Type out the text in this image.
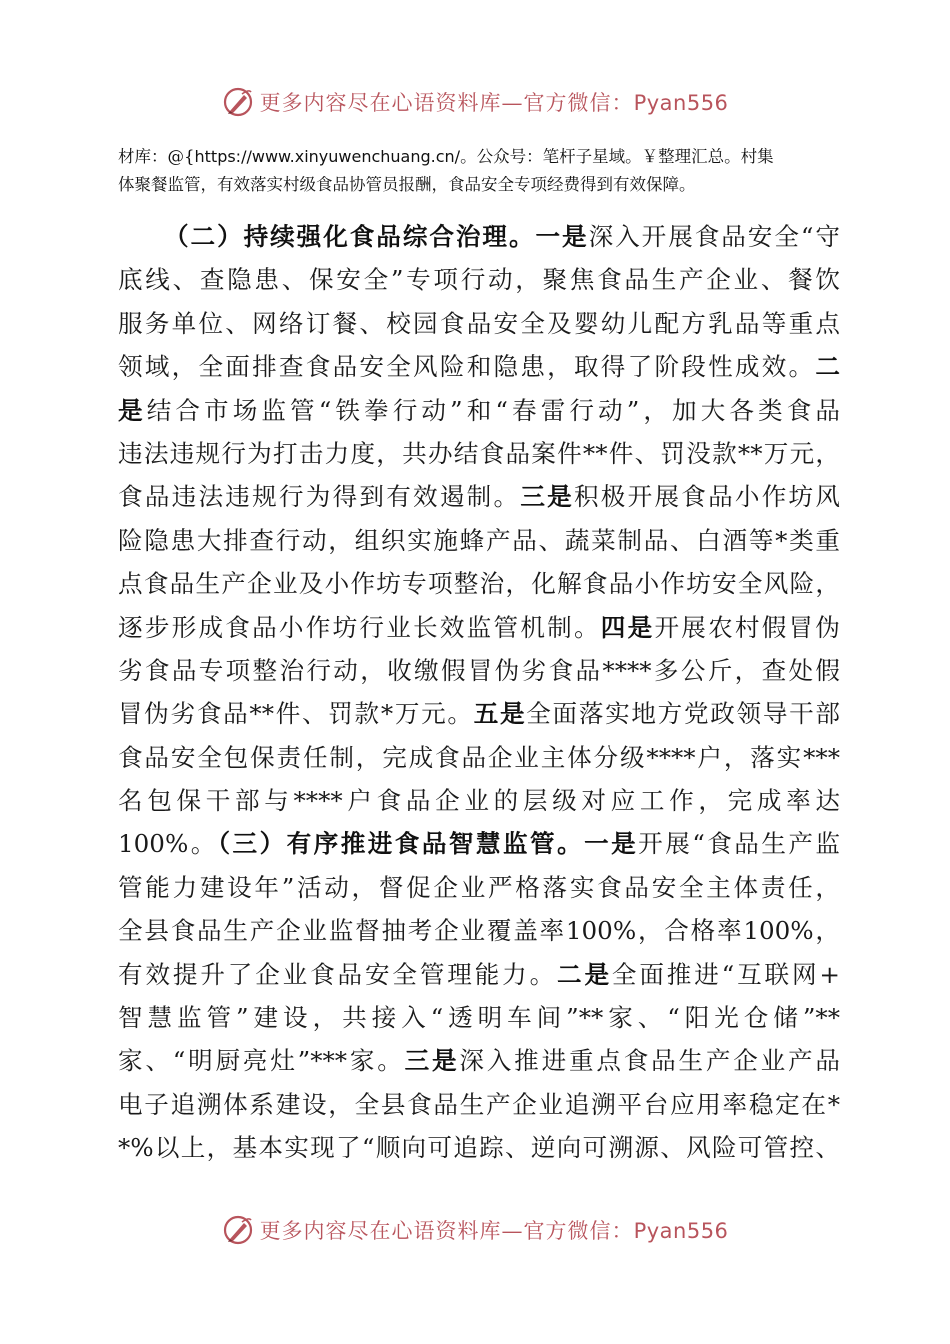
更多内容尽在心语资料库—官方微信：Pyan556

材库：@{https://www.xinyuwenchuang.cn/。公众号：笔杆子星域。￥整理汇总。村集

体聚餐监管，有效落实村级食品协管员报酬，食品安全专项经费得到有效保障。

（二）持续强化食品综合治理。一是深入开展食品安全“守
底线、查隐患、保安全”专项行动，聚焦食品生产企业、餐饮
服务单位、网络订餐、校园食品安全及婴幼儿配方乳品等重点
领域，全面排查食品安全风险和隐患，取得了阶段性成效。二
是结合市场监管“铁拳行动”和“春雷行动”，加大各类食品
违法违规行为打击力度，共办结食品案件**件、罚没款**万元，
食品违法违规行为得到有效遏制。三是积极开展食品小作坊风
险隐患大排查行动，组织实施蜂产品、蔬菜制品、白酒等*类重
点食品生产企业及小作坊专项整治，化解食品小作坊安全风险，
逐步形成食品小作坊行业长效监管机制。四是开展农村假冒伪
劣食品专项整治行动，收缴假冒伪劣食品****多公斤，查处假
冒伪劣食品**件、罚款*万元。五是全面落实地方党政领导干部
食品安全包保责任制，完成食品企业主体分级****户，落实***
名包保干部与****户食品企业的层级对应工作，完成率达
100%。（三）有序推进食品智慧监管。一是开展“食品生产监
管能力建设年”活动，督促企业严格落实食品安全主体责任，
全县食品生产企业监督抽考企业覆盖率100%，合格率100%，
有效提升了企业食品安全管理能力。二是全面推进“互联网+
智慧监管”建设，共接入“透明车间”**家、“阳光仓储”**
家、“明厨亮灶”***家。三是深入推进重点食品生产企业产品
电子追溯体系建设，全县食品生产企业追溯平台应用率稳定在*
*%以上，基本实现了“顺向可追踪、逆向可溯源、风险可管控、
更多内容尽在心语资料库—官方微信：Pyan556
